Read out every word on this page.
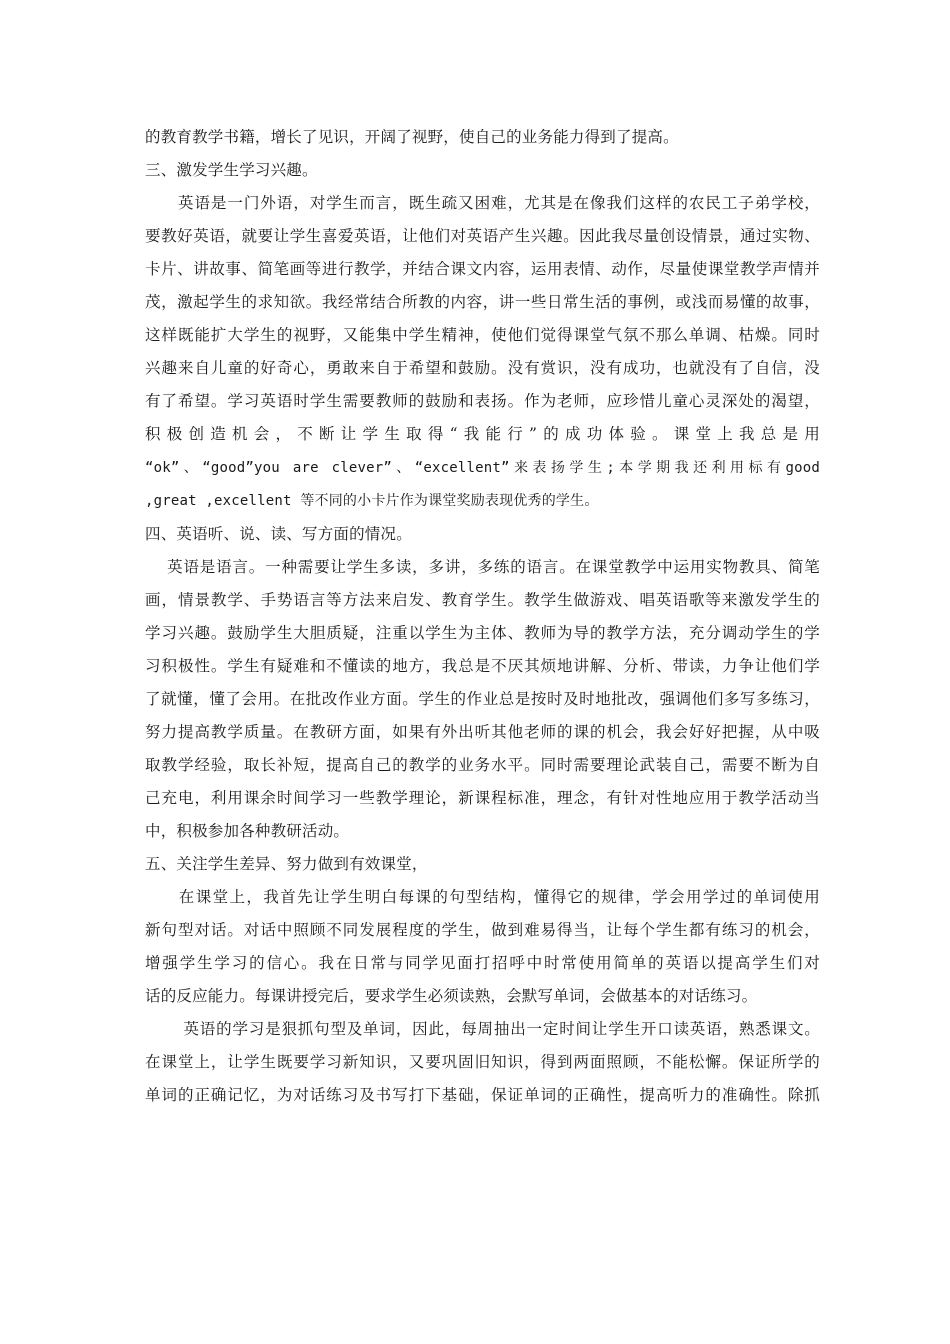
的教育教学书籍，增长了见识，开阔了视野，使自己的业务能力得到了提高。
三、激发学生学习兴趣。
　　英语是一门外语，对学生而言，既生疏又困难，尤其是在像我们这样的农民工子弟学校，
要教好英语，就要让学生喜爱英语，让他们对英语产生兴趣。因此我尽量创设情景，通过实物、
卡片、讲故事、简笔画等进行教学，并结合课文内容，运用表情、动作，尽量使课堂教学声情并
茂，激起学生的求知欲。我经常结合所教的内容，讲一些日常生活的事例，或浅而易懂的故事，
这样既能扩大学生的视野，又能集中学生精神，使他们觉得课堂气氛不那么单调、枯燥。同时
兴趣来自儿童的好奇心，勇敢来自于希望和鼓励。没有赏识，没有成功，也就没有了自信，没
有了希望。学习英语时学生需要教师的鼓励和表扬。作为老师，应珍惜儿童心灵深处的渴望，
积极创造机会，不断让学生取得“我能行”的成功体验。课堂上我总是用
“ok”、“good”you are clever”、“excellent”来表扬学生;本学期我还利用标有good
,great ,excellent 等不同的小卡片作为课堂奖励表现优秀的学生。
四、英语听、说、读、写方面的情况。
　 英语是语言。一种需要让学生多读，多讲，多练的语言。在课堂教学中运用实物教具、简笔
画，情景教学、手势语言等方法来启发、教育学生。教学生做游戏、唱英语歌等来激发学生的
学习兴趣。鼓励学生大胆质疑，注重以学生为主体、教师为导的教学方法，充分调动学生的学
习积极性。学生有疑难和不懂读的地方，我总是不厌其烦地讲解、分析、带读，力争让他们学
了就懂，懂了会用。在批改作业方面。学生的作业总是按时及时地批改，强调他们多写多练习，
努力提高教学质量。在教研方面，如果有外出听其他老师的课的机会，我会好好把握，从中吸
取教学经验，取长补短，提高自己的教学的业务水平。同时需要理论武装自己，需要不断为自
己充电，利用课余时间学习一些教学理论，新课程标准，理念，有针对性地应用于教学活动当
中，积极参加各种教研活动。
五、关注学生差异、努力做到有效课堂，
　　在课堂上，我首先让学生明白每课的句型结构，懂得它的规律，学会用学过的单词使用
新句型对话。对话中照顾不同发展程度的学生，做到难易得当，让每个学生都有练习的机会，
增强学生学习的信心。我在日常与同学见面打招呼中时常使用简单的英语以提高学生们对
话的反应能力。每课讲授完后，要求学生必须读熟，会默写单词，会做基本的对话练习。
　　 英语的学习是狠抓句型及单词，因此，每周抽出一定时间让学生开口读英语，熟悉课文。
在课堂上，让学生既要学习新知识，又要巩固旧知识，得到两面照顾，不能松懈。保证所学的
单词的正确记忆，为对话练习及书写打下基础，保证单词的正确性，提高听力的准确性。除抓
